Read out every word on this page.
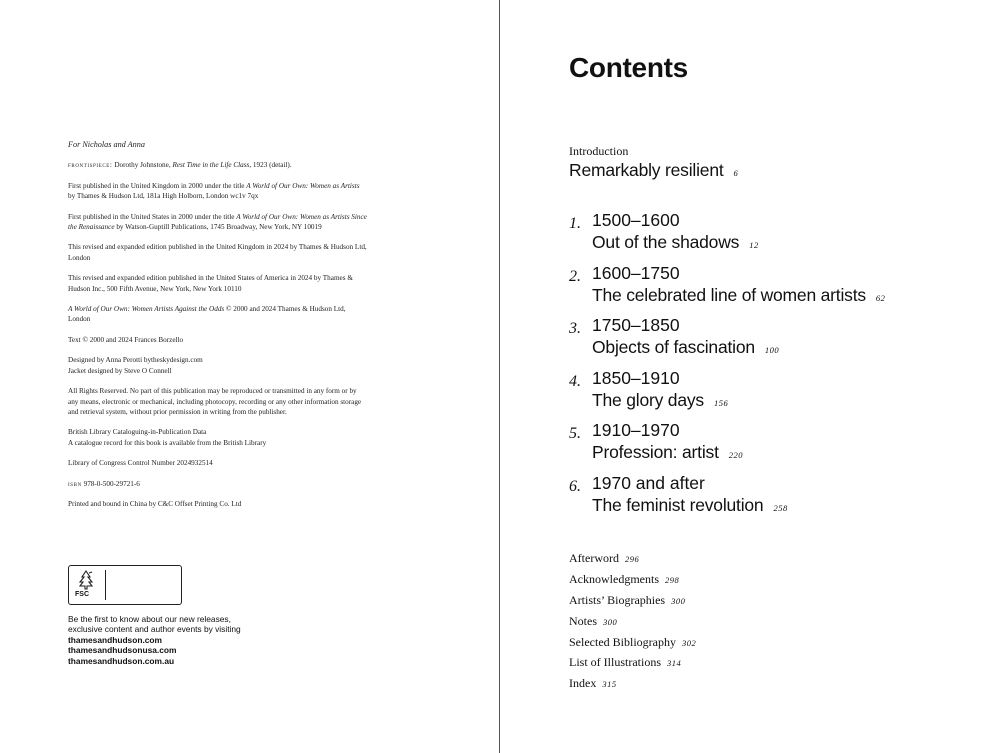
For Nicholas and Anna

frontispiece: Dorothy Johnstone, Rest Time in the Life Class, 1923 (detail).

First published in the United Kingdom in 2000 under the title A World of Our Own: Women as Artists by Thames & Hudson Ltd, 181a High Holborn, London wc1v 7qx

First published in the United States in 2000 under the title A World of Our Own: Women as Artists Since the Renaissance by Watson-Guptill Publications, 1745 Broadway, New York, NY 10019

This revised and expanded edition published in the United Kingdom in 2024 by Thames & Hudson Ltd, London

This revised and expanded edition published in the United States of America in 2024 by Thames & Hudson Inc., 500 Fifth Avenue, New York, New York 10110

A World of Our Own: Women Artists Against the Odds © 2000 and 2024 Thames & Hudson Ltd, London

Text © 2000 and 2024 Frances Borzello

Designed by Anna Perotti bytheskydesign.com
Jacket designed by Steve O Connell

All Rights Reserved. No part of this publication may be reproduced or transmitted in any form or by any means, electronic or mechanical, including photocopy, recording or any other information storage and retrieval system, without prior permission in writing from the publisher.

British Library Cataloguing-in-Publication Data
A catalogue record for this book is available from the British Library

Library of Congress Control Number 2024932514

isbn 978-0-500-29721-6

Printed and bound in China by C&C Offset Printing Co. Ltd

FSC
Be the first to know about our new releases, exclusive content and author events by visiting
thamesandhudson.com
thamesandhudsonusa.com
thamesandhudson.com.au
Contents
Introduction
Remarkably resilient 6
1. 1500–1600
Out of the shadows 12
2. 1600–1750
The celebrated line of women artists 62
3. 1750–1850
Objects of fascination 100
4. 1850–1910
The glory days 156
5. 1910–1970
Profession: artist 220
6. 1970 and after
The feminist revolution 258
Afterword 296
Acknowledgments 298
Artists’ Biographies 300
Notes 300
Selected Bibliography 302
List of Illustrations 314
Index 315
